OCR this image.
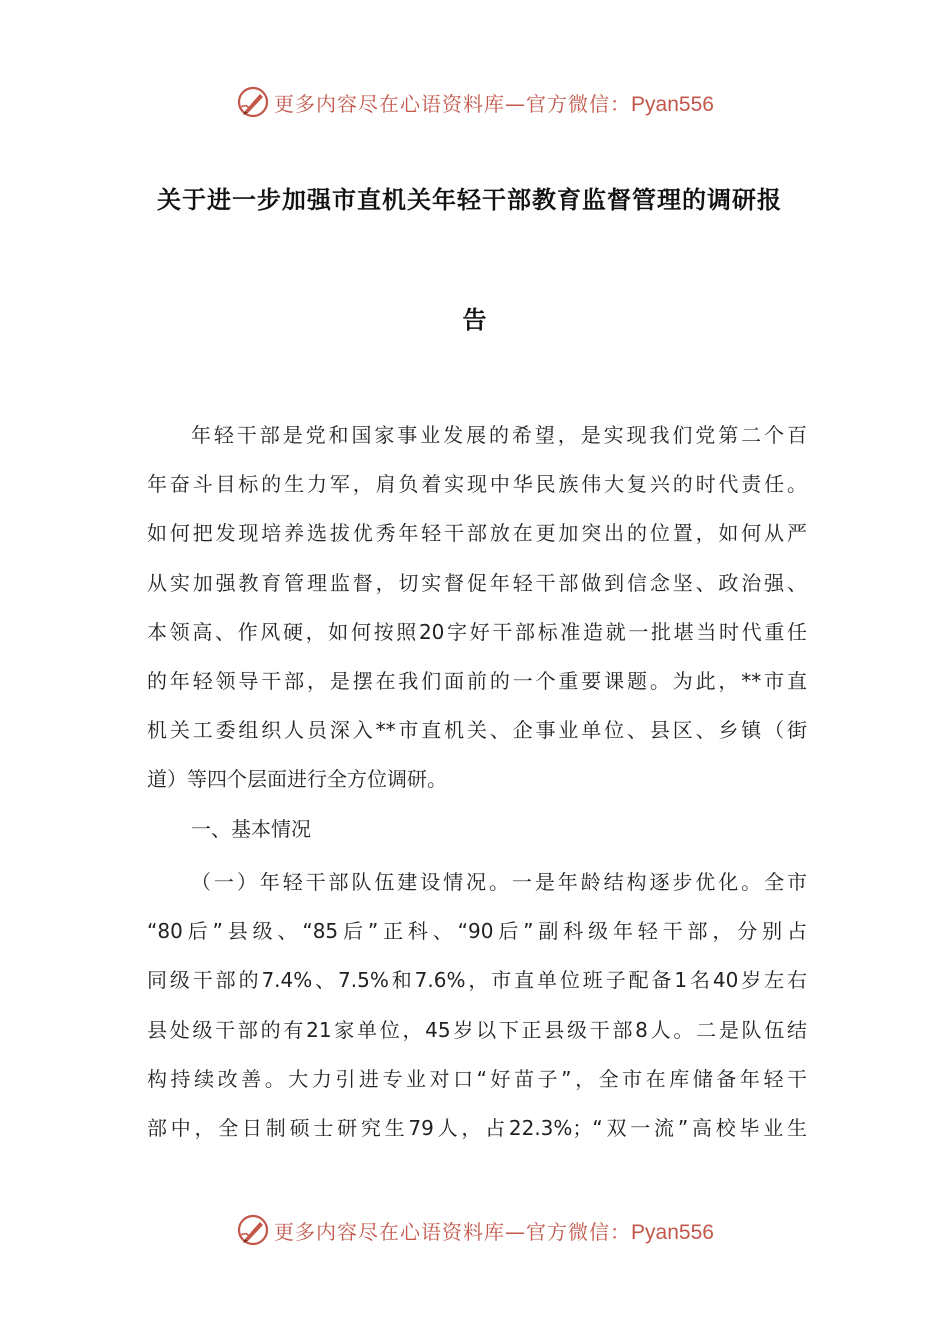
更多内容尽在心语资料库—官方微信：Pyan556
关于进一步加强市直机关年轻干部教育监督管理的调研报
告
年轻干部是党和国家事业发展的希望，是实现我们党第二个百
年奋斗目标的生力军，肩负着实现中华民族伟大复兴的时代责任。
如何把发现培养选拔优秀年轻干部放在更加突出的位置，如何从严
从实加强教育管理监督，切实督促年轻干部做到信念坚、政治强、
本领高、作风硬，如何按照20字好干部标准造就一批堪当时代重任
的年轻领导干部，是摆在我们面前的一个重要课题。为此，**市直
机关工委组织人员深入**市直机关、企事业单位、县区、乡镇（街
道）等四个层面进行全方位调研。
一、基本情况
（一）年轻干部队伍建设情况。一是年龄结构逐步优化。全市
“80后”县级、“85后”正科、“90后”副科级年轻干部，分别占
同级干部的7.4%、7.5%和7.6%，市直单位班子配备1名40岁左右
县处级干部的有21家单位，45岁以下正县级干部8人。二是队伍结
构持续改善。大力引进专业对口“好苗子”，全市在库储备年轻干
部中，全日制硕士研究生79人，占22.3%；“双一流”高校毕业生
更多内容尽在心语资料库—官方微信：Pyan556
